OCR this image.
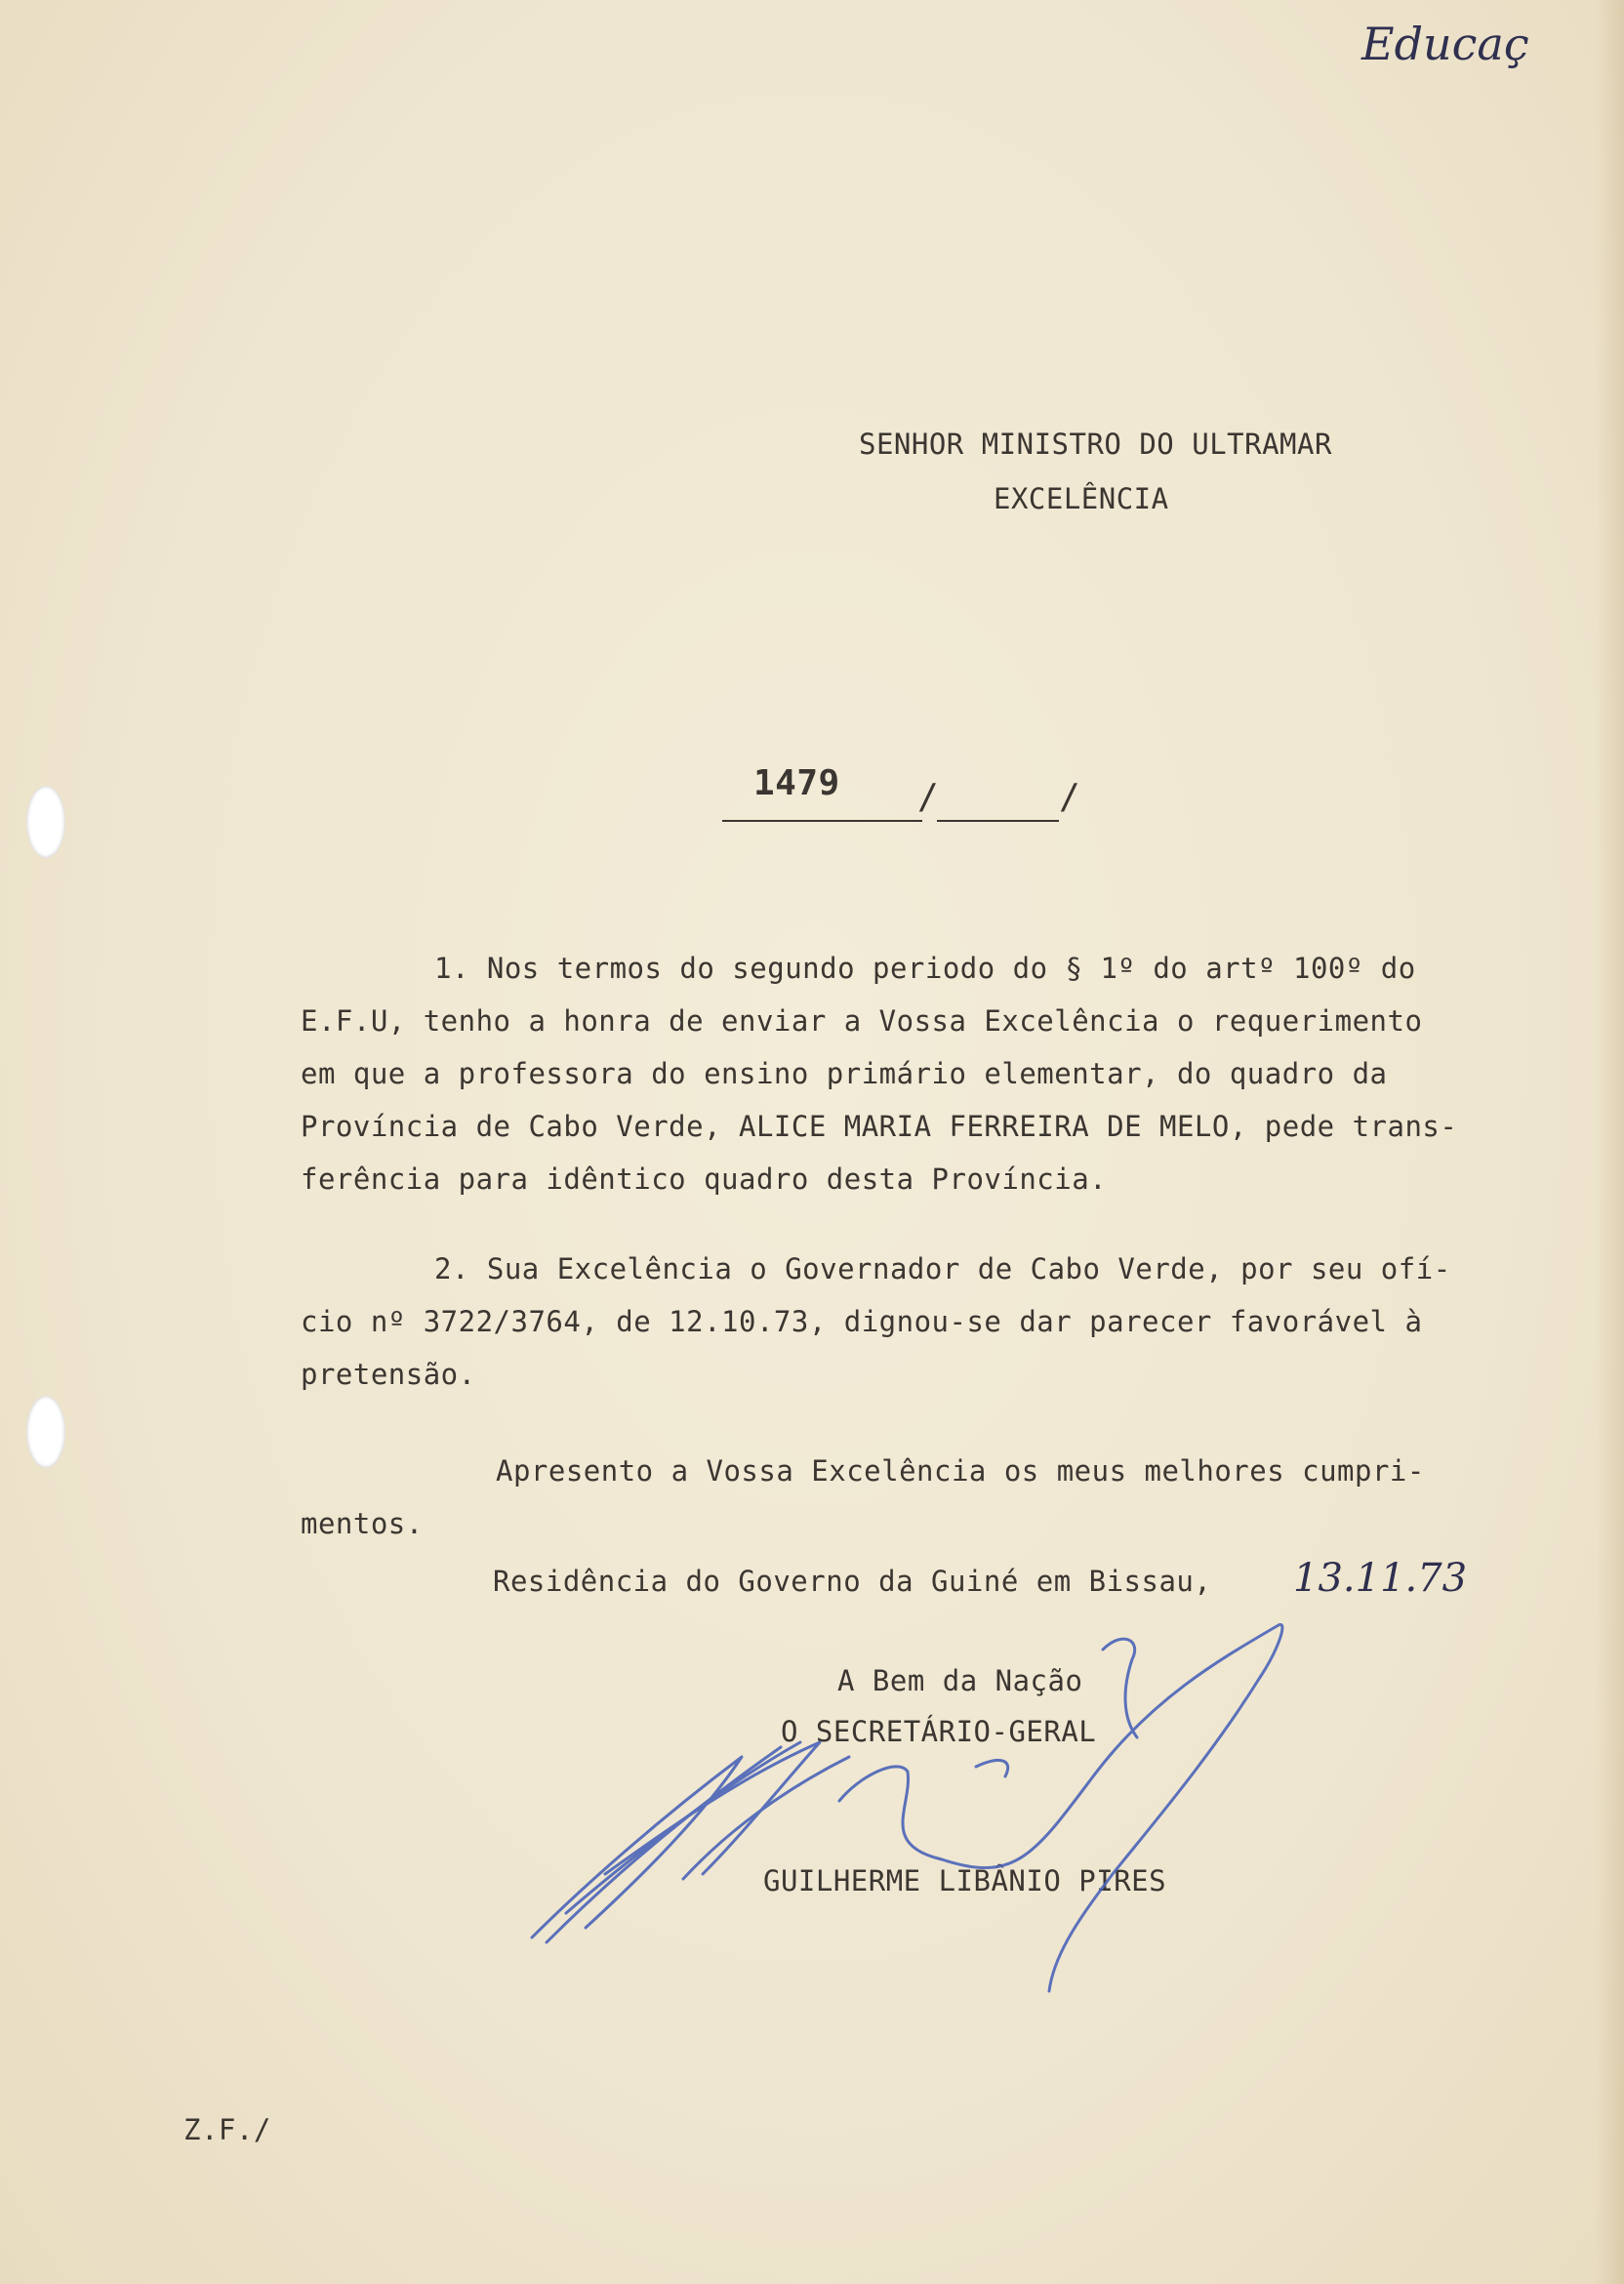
Educaç
SENHOR MINISTRO DO ULTRAMAR
EXCELÊNCIA
1479 /	/
1. Nos termos do segundo periodo do § 1º do artº 100º do
E.F.U, tenho a honra de enviar a Vossa Excelência o requerimento
em que a professora do ensino primário elementar, do quadro da
Província de Cabo Verde, ALICE MARIA FERREIRA DE MELO, pede trans-
ferência para idêntico quadro desta Província.
2. Sua Excelência o Governador de Cabo Verde, por seu ofí-
cio nº 3722/3764, de 12.10.73, dignou-se dar parecer favorável à
pretensão.
Apresento a Vossa Excelência os meus melhores cumpri-
mentos.
Residência do Governo da Guiné em Bissau, 13.11.73
A Bem da Nação
O SECRETÁRIO-GERAL
GUILHERME LIBÂNIO PIRES
Z.F./
